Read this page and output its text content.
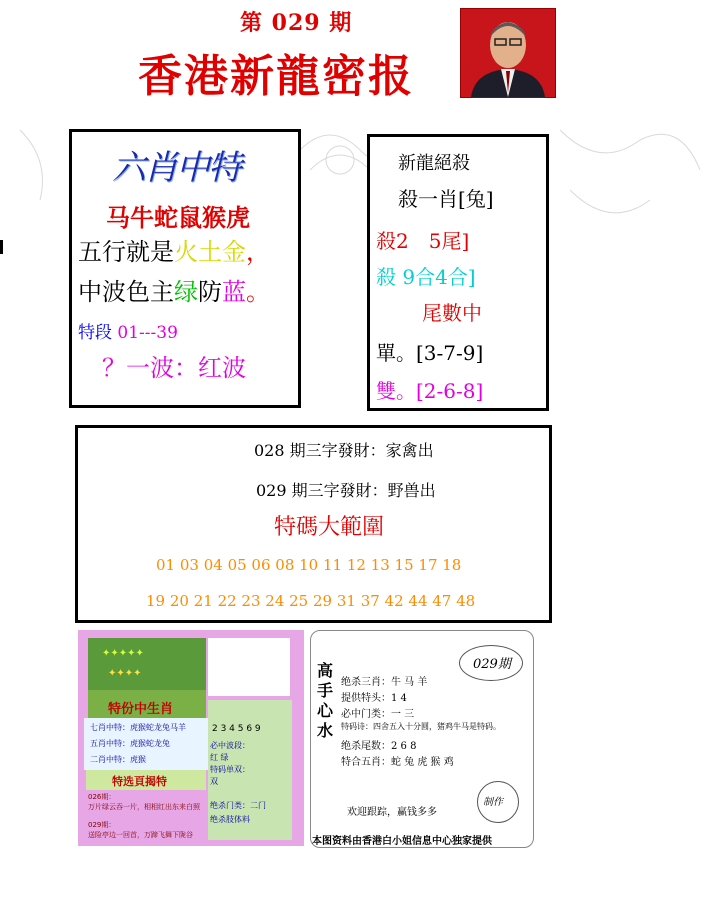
第 029 期
香港新龍密报
六肖中特
马牛蛇鼠猴虎
五行就是火土金，
中波色主绿防蓝。
特段 01---39
？一波：红波
新龍絕殺
殺一肖[兔]
殺2　5尾]
殺 9合4合]
尾數中
單。[3-7-9]
雙。[2-6-8]
028 期三字發財：家禽出
029 期三字發財：野兽出
特碼大範圍
01 03 04 05 06 08 10 11 12 13 15 17 18
19 20 21 22 23 24 25 29 31 37 42 44 47 48
✦✦✦✦✦
✦✦✦✦
特份中生肖
七肖中特：虎猴蛇龙兔马羊
五肖中特：虎猴蛇龙兔
二肖中特：虎猴
2 3 4 5 6 9
必中波段：
红 绿
特码单双：
双
绝杀门类：二门
绝杀肢体料
特选頁揭特
026期：
万片绿云吞一片，相相红出东来白照
029期：
送险亭边一回首，万蹄飞舞下陇谷
高手心水
029期
绝杀三肖：牛 马 羊
提供特头：1 4
必中门类：一 三
特码诗：四舍五入十分圆，猪鸡牛马是特码。
绝杀尾数：2 6 8
特合五肖：蛇 兔 虎 猴 鸡
欢迎跟踪，赢钱多多
制作
本图资料由香港白小姐信息中心独家提供
